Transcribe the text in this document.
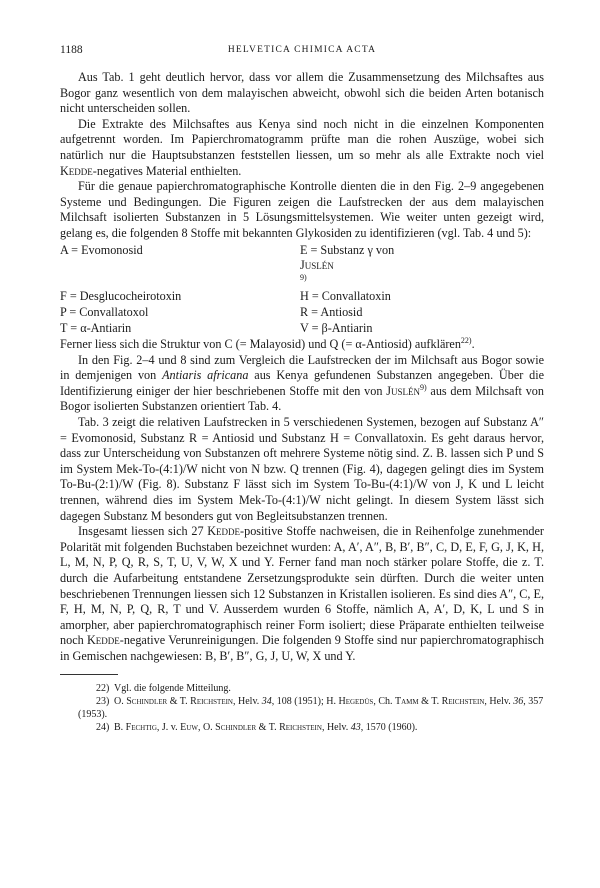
1188	HELVETICA CHIMICA ACTA

Aus Tab. 1 geht deutlich hervor, dass vor allem die Zusammensetzung des Milchsaftes aus Bogor ganz wesentlich von dem malayischen abweicht, obwohl sich die beiden Arten botanisch nicht unterscheiden sollen.

Die Extrakte des Milchsaftes aus Kenya sind noch nicht in die einzelnen Komponenten aufgetrennt worden. Im Papierchromatogramm prüfte man die rohen Auszüge, wobei sich natürlich nur die Hauptsubstanzen feststellen liessen, um so mehr als alle Extrakte noch viel Kedde-negatives Material enthielten.

Für die genaue papierchromatographische Kontrolle dienten die in den Fig. 2–9 angegebenen Systeme und Bedingungen. Die Figuren zeigen die Laufstrecken der aus dem malayischen Milchsaft isolierten Substanzen in 5 Lösungsmittelsystemen. Wie weiter unten gezeigt wird, gelang es, die folgenden 8 Stoffe mit bekannten Glykosiden zu identifizieren (vgl. Tab. 4 und 5):

A = Evomonosid	E = Substanz γ von
Juslén
$^{9)}$
F = Desglucocheirotoxin	H = Convallatoxin
P = Convallatoxol	R = Antiosid
T = α-Antiarin	V = β-Antiarin

Ferner liess sich die Struktur von C (= Malayosid) und Q (= α-Antiosid) aufklären$^{22)}$.

In den Fig. 2–4 und 8 sind zum Vergleich die Laufstrecken der im Milchsaft aus Bogor sowie in demjenigen von Antiaris africana aus Kenya gefundenen Substanzen angegeben. Über die Identifizierung einiger der hier beschriebenen Stoffe mit den von Juslén$^{9)}$ aus dem Milchsaft von Bogor isolierten Substanzen orientiert Tab. 4.

Tab. 3 zeigt die relativen Laufstrecken in 5 verschiedenen Systemen, bezogen auf Substanz A″ = Evomonosid, Substanz R = Antiosid und Substanz H = Convallatoxin. Es geht daraus hervor, dass zur Unterscheidung von Substanzen oft mehrere Systeme nötig sind. Z. B. lassen sich P und S im System Mek-To-(4:1)/W nicht von N bzw. Q trennen (Fig. 4), dagegen gelingt dies im System To-Bu-(2:1)/W (Fig. 8). Substanz F lässt sich im System To-Bu-(4:1)/W von J, K und L leicht trennen, während dies im System Mek-To-(4:1)/W nicht gelingt. In diesem System lässt sich dagegen Substanz M besonders gut von Begleitsubstanzen trennen.

Insgesamt liessen sich 27 Kedde-positive Stoffe nachweisen, die in Reihenfolge zunehmender Polarität mit folgenden Buchstaben bezeichnet wurden: A, A′, A″, B, B′, B″, C, D, E, F, G, J, K, H, L, M, N, P, Q, R, S, T, U, V, W, X und Y. Ferner fand man noch stärker polare Stoffe, die z. T. durch die Aufarbeitung entstandene Zersetzungsprodukte sein dürften. Durch die weiter unten beschriebenen Trennungen liessen sich 12 Substanzen in Kristallen isolieren. Es sind dies A″, C, E, F, H, M, N, P, Q, R, T und V. Ausserdem wurden 6 Stoffe, nämlich A, A′, D, K, L und S in amorpher, aber papierchromatographisch reiner Form isoliert; diese Präparate enthielten teilweise noch Kedde-negative Verunreinigungen. Die folgenden 9 Stoffe sind nur papierchromatographisch in Gemischen nachgewiesen: B, B′, B″, G, J, U, W, X und Y.

22) Vgl. die folgende Mitteilung.

23) O. Schindler & T. Reichstein, Helv. 34, 108 (1951); H. Hegedüs, Ch. Tamm & T. Reichstein, Helv. 36, 357 (1953).

24) B. Fechtig, J. v. Euw, O. Schindler & T. Reichstein, Helv. 43, 1570 (1960).
